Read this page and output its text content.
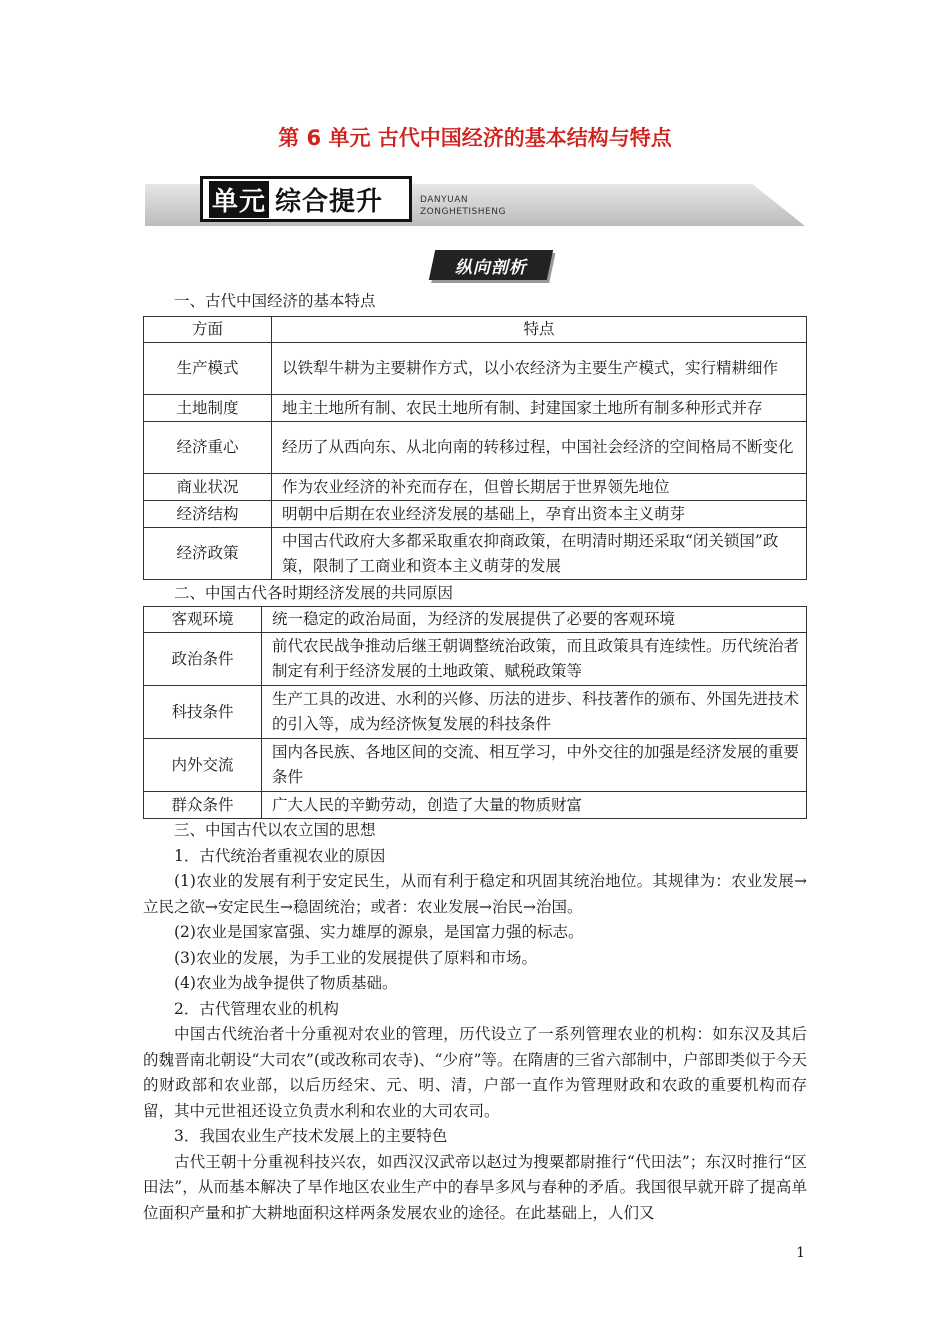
第 6 单元 古代中国经济的基本结构与特点
单元 综合提升	DANYUAN
ZONGHETISHENG
纵向剖析
一、古代中国经济的基本特点
方面	特点
生产模式	以铁犁牛耕为主要耕作方式，以小农经济为主要生产模式，实行精耕细作
土地制度	地主土地所有制、农民土地所有制、封建国家土地所有制多种形式并存
经济重心	经历了从西向东、从北向南的转移过程，中国社会经济的空间格局不断变化
商业状况	作为农业经济的补充而存在，但曾长期居于世界领先地位
经济结构	明朝中后期在农业经济发展的基础上，孕育出资本主义萌芽
经济政策	中国古代政府大多都采取重农抑商政策，在明清时期还采取“闭关锁国”政策，限制了工商业和资本主义萌芽的发展
二、中国古代各时期经济发展的共同原因
客观环境	统一稳定的政治局面，为经济的发展提供了必要的客观环境
政治条件	前代农民战争推动后继王朝调整统治政策，而且政策具有连续性。历代统治者制定有利于经济发展的土地政策、赋税政策等
科技条件	生产工具的改进、水利的兴修、历法的进步、科技著作的颁布、外国先进技术的引入等，成为经济恢复发展的科技条件
内外交流	国内各民族、各地区间的交流、相互学习，中外交往的加强是经济发展的重要条件
群众条件	广大人民的辛勤劳动，创造了大量的物质财富

三、中国古代以农立国的思想

1．古代统治者重视农业的原因

(1)农业的发展有利于安定民生，从而有利于稳定和巩固其统治地位。其规律为：农业发展→立民之欲→安定民生→稳固统治；或者：农业发展→治民→治国。

(2)农业是国家富强、实力雄厚的源泉，是国富力强的标志。

(3)农业的发展，为手工业的发展提供了原料和市场。

(4)农业为战争提供了物质基础。

2．古代管理农业的机构

中国古代统治者十分重视对农业的管理，历代设立了一系列管理农业的机构：如东汉及其后的魏晋南北朝设“大司农”(或改称司农寺)、“少府”等。在隋唐的三省六部制中，户部即类似于今天的财政部和农业部，以后历经宋、元、明、清，户部一直作为管理财政和农政的重要机构而存留，其中元世祖还设立负责水利和农业的大司农司。

3．我国农业生产技术发展上的主要特色

古代王朝十分重视科技兴农，如西汉汉武帝以赵过为搜粟都尉推行“代田法”；东汉时推行“区田法”，从而基本解决了旱作地区农业生产中的春旱多风与春种的矛盾。我国很早就开辟了提高单位面积产量和扩大耕地面积这样两条发展农业的途径。在此基础上，人们又

1
